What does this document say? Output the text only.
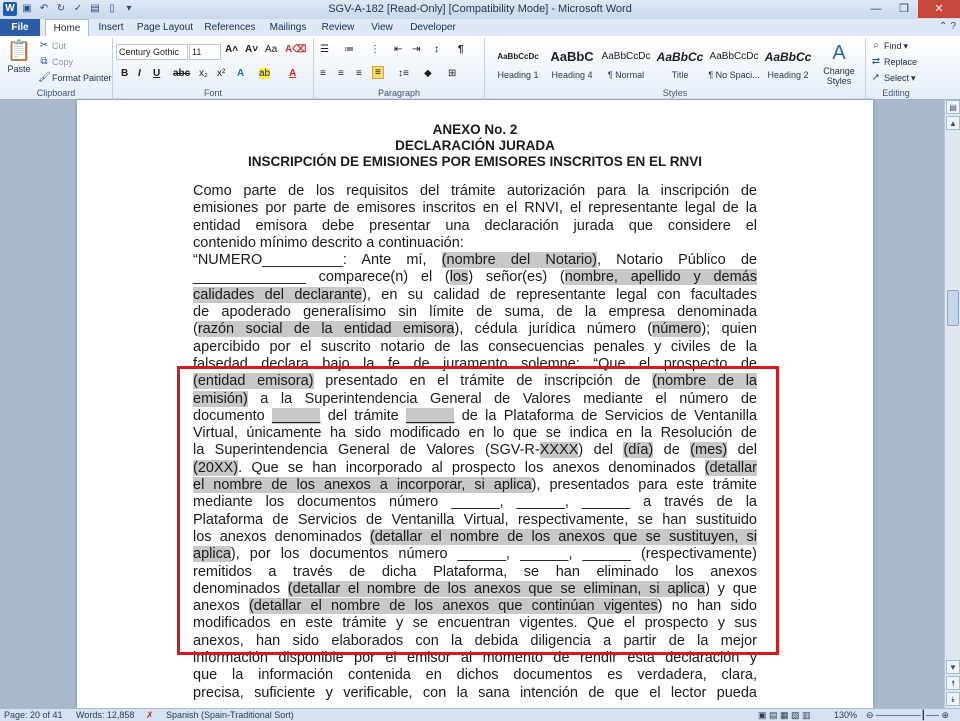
W ▣ ↶ ↻ ✓ ▤ ▯	▾	SGV-A-182 [Read-Only] [Compatibility Mode] - Microsoft Word	—	❐	✕
File	Home	Insert	Page Layout References	Mailings	Review	View	Developer	⌃ ?
📋
Paste
✂ Cut
⧉ Copy
🖌 Format Painter
Clipboard
Century Gothic	11	A˄ A˅ Aa A⌫
B I U abc x₂ x² A ab A
Font
☰ ≔ ⋮ ⇤ ⇥ ↕ ¶
≡ ≡ ≡	≡	↕≡ ◆ ⊞
Paragraph
AaBbCcDc
Heading 1
AaBbC
Heading 4
AaBbCcDc
¶ Normal
AaBbCc
Title
AaBbCcDc
¶ No Spaci...
AaBbCc
Heading 2
A
Change Styles
Styles
⌕ Find ▾
⇄ Replace
➚ Select ▾
Editing
ANEXO No. 2
DECLARACIÓN JURADA
INSCRIPCIÓN DE EMISIONES POR EMISORES INSCRITOS EN EL RNVI
Como parte de los requisitos del trámite autorización para la inscripción de
emisiones por parte de emisores inscritos en el RNVI, el representante legal de la
entidad emisora debe presentar una declaración jurada que considere el
contenido mínimo descrito a continuación:
“NUMERO__________: Ante mí, (nombre del Notario), Notario Público de
______________ comparece(n) el (los) señor(es) (nombre, apellido y demás
calidades del declarante), en su calidad de representante legal con facultades
de apoderado generalísimo sin límite de suma, de la empresa denominada
(razón social de la entidad emisora), cédula jurídica número (número); quien
apercibido por el suscrito notario de las consecuencias penales y civiles de la
falsedad declara bajo la fe de juramento solemne: “Que el prospecto de
(entidad emisora) presentado en el trámite de inscripción de (nombre de la
emisión) a la Superintendencia General de Valores mediante el número de
documento ______ del trámite ______ de la Plataforma de Servicios de Ventanilla
Virtual, únicamente ha sido modificado en lo que se indica en la Resolución de
la Superintendencia General de Valores (SGV-R-XXXX) del (día) de (mes) del
(20XX). Que se han incorporado al prospecto los anexos denominados (detallar
el nombre de los anexos a incorporar, si aplica), presentados para este trámite
mediante los documentos número ______, ______, ______ a través de la
Plataforma de Servicios de Ventanilla Virtual, respectivamente, se han sustituido
los anexos denominados (detallar el nombre de los anexos que se sustituyen, si
aplica), por los documentos número ______, ______, ______ (respectivamente)
remitidos a través de dicha Plataforma, se han eliminado los anexos
denominados (detallar el nombre de los anexos que se eliminan, si aplica) y que
anexos (detallar el nombre de los anexos que continúan vigentes) no han sido
modificados en este trámite y se encuentran vigentes. Que el prospecto y sus
anexos, han sido elaborados con la debida diligencia a partir de la mejor
información disponible por el emisor al momento de rendir esta declaración y
que la información contenida en dichos documentos es verdadera, clara,
precisa, suficiente y verificable, con la sana intención de que el lector pueda
▤
▲
▼
⯭
⯯
Page: 20 of 41 Words: 12,858 ✗ Spanish (Spain-Traditional Sort)	▣ ▤ ▦ ▧ ▥	130% ⊖ ───────┃── ⊕
